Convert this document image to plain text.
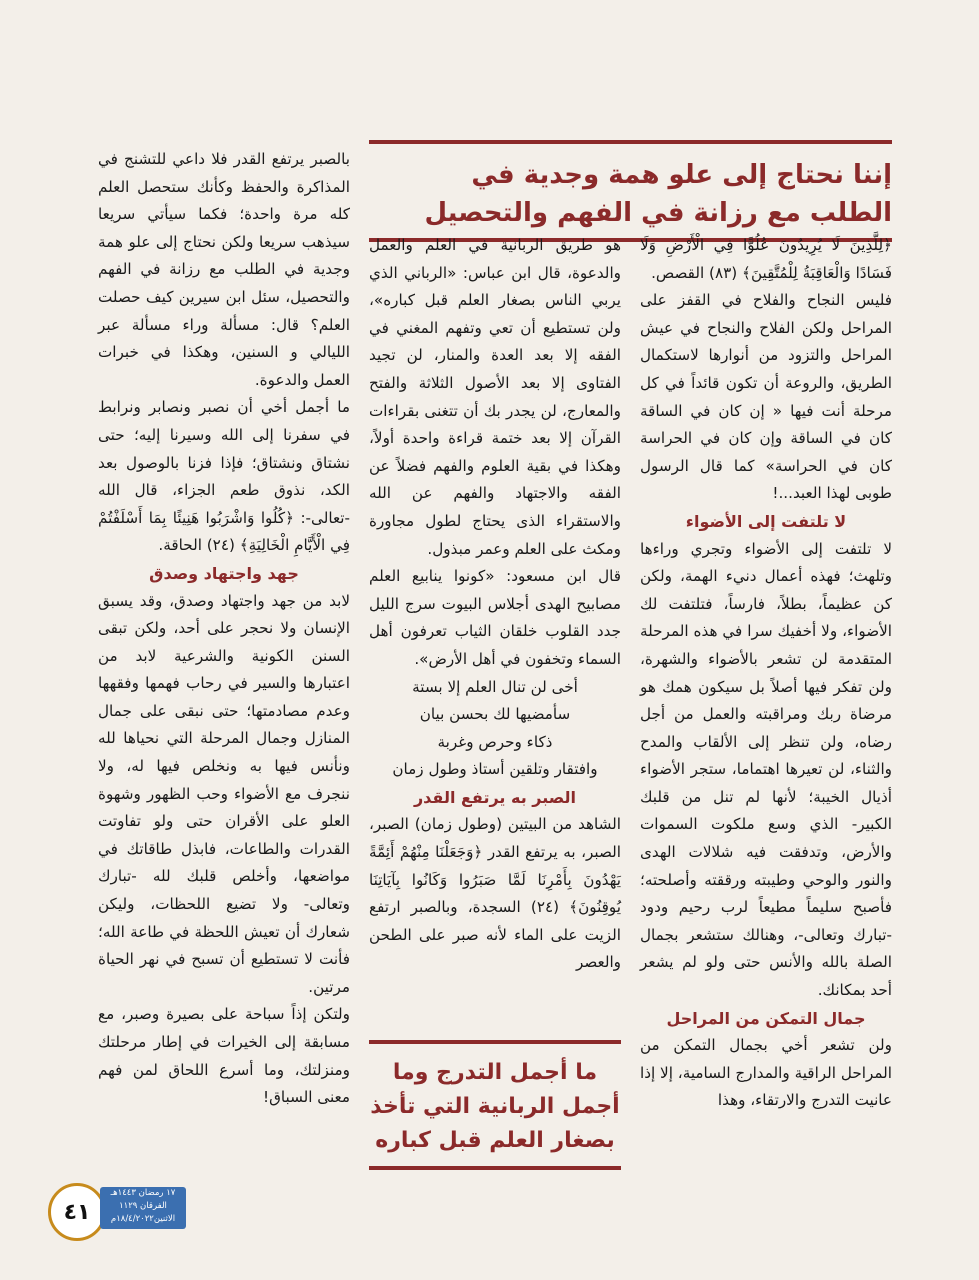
إننا نحتاج إلى علو همة وجدية في
الطلب مع رزانة في الفهم والتحصيل

﴿لِلَّذِينَ لَا يُرِيدُونَ عُلُوًّا فِي الْأَرْضِ وَلَا فَسَادًا وَالْعَاقِبَةُ لِلْمُتَّقِينَ﴾ (٨٣) القصص.

فليس النجاح والفلاح في القفز على المراحل ولكن الفلاح والنجاح في عيش المراحل والتزود من أنوارها لاستكمال الطريق، والروعة أن تكون قائداً في كل مرحلة أنت فيها « إن كان في الساقة كان في الساقة وإن كان في الحراسة كان في الحراسة» كما قال الرسول طوبى لهذا العبد...!

لا تلتفت إلى الأضواء

لا تلتفت إلى الأضواء وتجري وراءها وتلهث؛ فهذه أعمال دنيء الهمة، ولكن كن عظيماً، بطلاً، فارساً، فتلتفت لك الأضواء، ولا أخفيك سرا في هذه المرحلة المتقدمة لن تشعر بالأضواء والشهرة، ولن تفكر فيها أصلاً بل سيكون همك هو مرضاة ربك ومراقبته والعمل من أجل رضاه، ولن تنظر إلى الألقاب والمدح والثناء، لن تعيرها اهتماما، ستجر الأضواء أذيال الخيبة؛ لأنها لم تنل من قلبك الكبير- الذي وسع ملكوت السموات والأرض، وتدفقت فيه شلالات الهدى والنور والوحي وطيبته ورققته وأصلحته؛ فأصبح سليماً مطيعاً لرب رحيم ودود -تبارك وتعالى-، وهنالك ستشعر بجمال الصلة بالله والأنس حتى ولو لم يشعر أحد بمكانك.

جمال التمكن من المراحل

ولن تشعر أخي بجمال التمكن من المراحل الراقية والمدارج السامية، إلا إذا عانيت التدرج والارتقاء، وهذا

هو طريق الربانية في العلم والعمل والدعوة، قال ابن عباس: «الرباني الذي يربي الناس بصغار العلم قبل كباره»، ولن تستطيع أن تعي وتفهم المغني في الفقه إلا بعد العدة والمنار، لن تجيد الفتاوى إلا بعد الأصول الثلاثة والفتح والمعارج، لن يجدر بك أن تتغنى بقراءات القرآن إلا بعد ختمة قراءة واحدة أولاً، وهكذا في بقية العلوم والفهم فضلاً عن الفقه والاجتهاد والفهم عن الله والاستقراء الذى يحتاج لطول مجاورة ومكث على العلم وعمر مبذول.

قال ابن مسعود: «كونوا ينابيع العلم مصابيح الهدى أجلاس البيوت سرج الليل جدد القلوب خلقان الثياب تعرفون أهل السماء وتخفون في أهل الأرض».

أخى لن تنال العلم إلا بستة

سأمضيها لك بحسن بيان

ذكاء وحرص وغربة

وافتقار وتلقين أستاذ وطول زمان

الصبر به يرتفع القدر

الشاهد من البيتين (وطول زمان) الصبر، الصبر، به يرتفع القدر ﴿وَجَعَلْنَا مِنْهُمْ أَئِمَّةً يَهْدُونَ بِأَمْرِنَا لَمَّا صَبَرُوا وَكَانُوا بِآيَاتِنَا يُوقِنُونَ﴾ (٢٤) السجدة، وبالصبر ارتفع الزيت على الماء لأنه صبر على الطحن والعصر

ما أجمل التدرج وما أجمل الربانية التي تأخذ بصغار العلم قبل كباره

بالصبر يرتفع القدر فلا داعي للتشنج في المذاكرة والحفظ وكأنك ستحصل العلم كله مرة واحدة؛ فكما سيأتي سريعا سيذهب سريعا ولكن نحتاج إلى علو همة وجدية في الطلب مع رزانة في الفهم والتحصيل، سئل ابن سيرين كيف حصلت العلم؟ قال: مسألة وراء مسألة عبر الليالي و السنين، وهكذا في خبرات العمل والدعوة.

ما أجمل أخي أن نصبر ونصابر ونرابط في سفرنا إلى الله وسيرنا إليه؛ حتى نشتاق ونشتاق؛ فإذا فزنا بالوصول بعد الكد، نذوق طعم الجزاء، قال الله -تعالى-: ﴿كُلُوا وَاشْرَبُوا هَنِيئًا بِمَا أَسْلَفْتُمْ فِي الْأَيَّامِ الْخَالِيَةِ﴾ (٢٤) الحاقة.

جهد واجتهاد وصدق

لابد من جهد واجتهاد وصدق، وقد يسبق الإنسان ولا نحجر على أحد، ولكن تبقى السنن الكونية والشرعية لابد من اعتبارها والسير في رحاب فهمها وفقهها وعدم مصادمتها؛ حتى نبقى على جمال المنازل وجمال المرحلة التي نحياها لله ونأنس فيها به ونخلص فيها له، ولا ننجرف مع الأضواء وحب الظهور وشهوة العلو على الأقران حتى ولو تفاوتت القدرات والطاعات، فابذل طاقاتك في مواضعها، وأخلص قلبك لله -تبارك وتعالى- ولا تضيع اللحظات، وليكن شعارك أن تعيش اللحظة في طاعة الله؛ فأنت لا تستطيع أن تسبح في نهر الحياة مرتين.

ولتكن إذاً سباحة على بصيرة وصبر، مع مسابقة إلى الخيرات في إطار مرحلتك ومنزلتك، وما أسرع اللحاق لمن فهم معنى السباق!

٤١
١٧ رمضان ١٤٤٣هـ
الفرقان ١١٢٩
الاثنين١٨/٤/٢٠٢٢م
